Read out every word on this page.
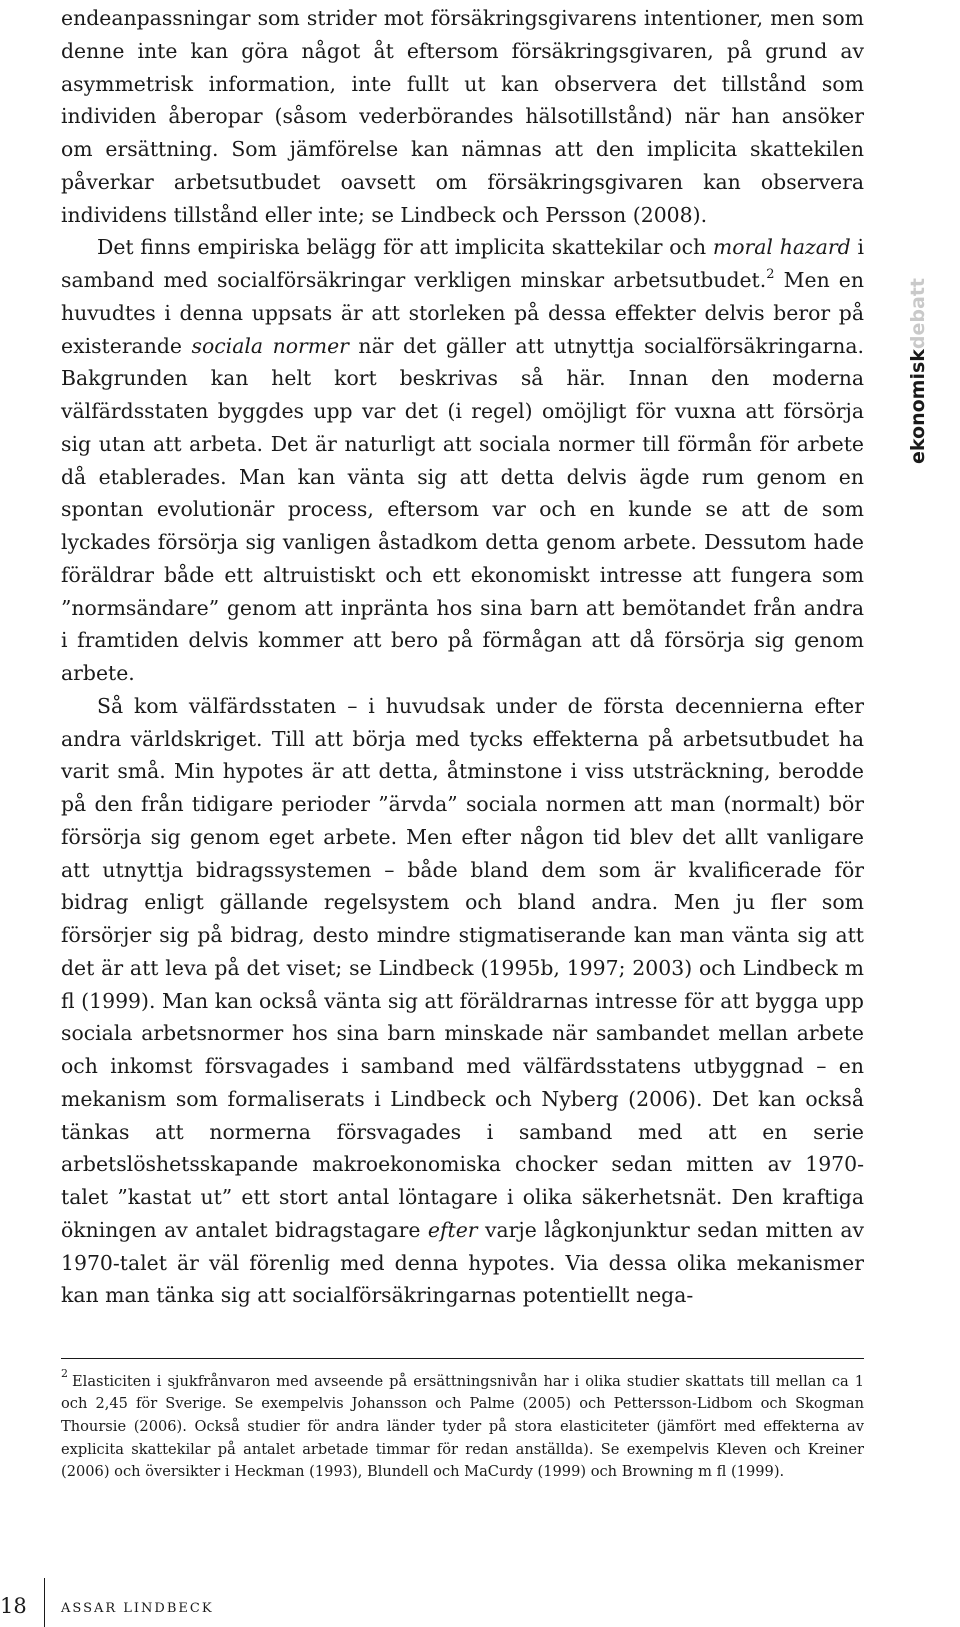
endeanpassningar som strider mot försäkringsgivarens intentioner, men som denne inte kan göra något åt eftersom försäkringsgivaren, på grund av asymmetrisk information, inte fullt ut kan observera det tillstånd som individen åberopar (såsom vederbörandes hälsotillstånd) när han ansöker om ersättning. Som jämförelse kan nämnas att den implicita skattekilen påverkar arbetsutbudet oavsett om försäkringsgivaren kan observera individens tillstånd eller inte; se Lindbeck och Persson (2008).

Det finns empiriska belägg för att implicita skattekilar och moral hazard i samband med socialförsäkringar verkligen minskar arbetsutbudet.$^2$ Men en huvudtes i denna uppsats är att storleken på dessa effekter delvis beror på existerande sociala normer när det gäller att utnyttja socialförsäkringarna. Bakgrunden kan helt kort beskrivas så här. Innan den moderna välfärdsstaten byggdes upp var det (i regel) omöjligt för vuxna att försörja sig utan att arbeta. Det är naturligt att sociala normer till förmån för arbete då etablerades. Man kan vänta sig att detta delvis ägde rum genom en spontan evolutionär process, eftersom var och en kunde se att de som lyckades försörja sig vanligen åstadkom detta genom arbete. Dessutom hade föräldrar både ett altruistiskt och ett ekonomiskt intresse att fungera som ”normsändare” genom att inpränta hos sina barn att bemötandet från andra i framtiden delvis kommer att bero på förmågan att då försörja sig genom arbete.

Så kom välfärdsstaten – i huvudsak under de första decennierna efter andra världskriget. Till att börja med tycks effekterna på arbetsutbudet ha varit små. Min hypotes är att detta, åtminstone i viss utsträckning, berodde på den från tidigare perioder ”ärvda” sociala normen att man (normalt) bör försörja sig genom eget arbete. Men efter någon tid blev det allt vanligare att utnyttja bidragssystemen – både bland dem som är kvalificerade för bidrag enligt gällande regelsystem och bland andra. Men ju fler som försörjer sig på bidrag, desto mindre stigmatiserande kan man vänta sig att det är att leva på det viset; se Lindbeck (1995b, 1997; 2003) och Lindbeck m fl (1999). Man kan också vänta sig att föräldrarnas intresse för att bygga upp sociala arbetsnormer hos sina barn minskade när sambandet mellan arbete och inkomst försvagades i samband med välfärdsstatens utbyggnad – en mekanism som formaliserats i Lindbeck och Nyberg (2006). Det kan också tänkas att normerna försvagades i samband med att en serie arbetslöshetsskapande makroekonomiska chocker sedan mitten av 1970-talet ”kastat ut” ett stort antal löntagare i olika säkerhetsnät. Den kraftiga ökningen av antalet bidragstagare efter varje lågkonjunktur sedan mitten av 1970-talet är väl förenlig med denna hypotes. Via dessa olika mekanismer kan man tänka sig att socialförsäkringarnas potentiellt nega-

ekonomiskdebatt
$^2$ Elasticiten i sjukfrånvaron med avseende på ersättningsnivån har i olika studier skattats till mellan ca 1 och 2,45 för Sverige. Se exempelvis Johansson och Palme (2005) och Pettersson-Lidbom och Skogman Thoursie (2006). Också studier för andra länder tyder på stora elasticiteter (jämfört med effekterna av explicita skattekilar på antalet arbetade timmar för redan anställda). Se exempelvis Kleven och Kreiner (2006) och översikter i Heckman (1993), Blundell och MaCurdy (1999) och Browning m fl (1999).
18	ASSAR LINDBECK
